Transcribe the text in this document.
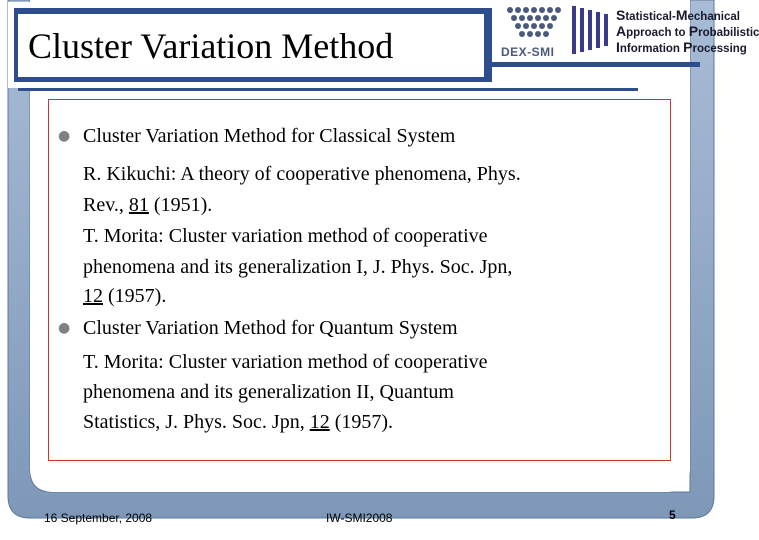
Cluster Variation Method
Statistical-Mechanical
Approach to Probabilistic
Information Processing
DEX-SMI
● Cluster Variation Method for Classical System
R. Kikuchi: A theory of cooperative phenomena, Phys.
Rev., 81 (1951).
T. Morita: Cluster variation method of cooperative
phenomena and its generalization I, J. Phys. Soc. Jpn,
12 (1957).
● Cluster Variation Method for Quantum System
T. Morita: Cluster variation method of cooperative
phenomena and its generalization II, Quantum
Statistics, J. Phys. Soc. Jpn, 12 (1957).
16 September, 2008	IW-SMI2008	5
